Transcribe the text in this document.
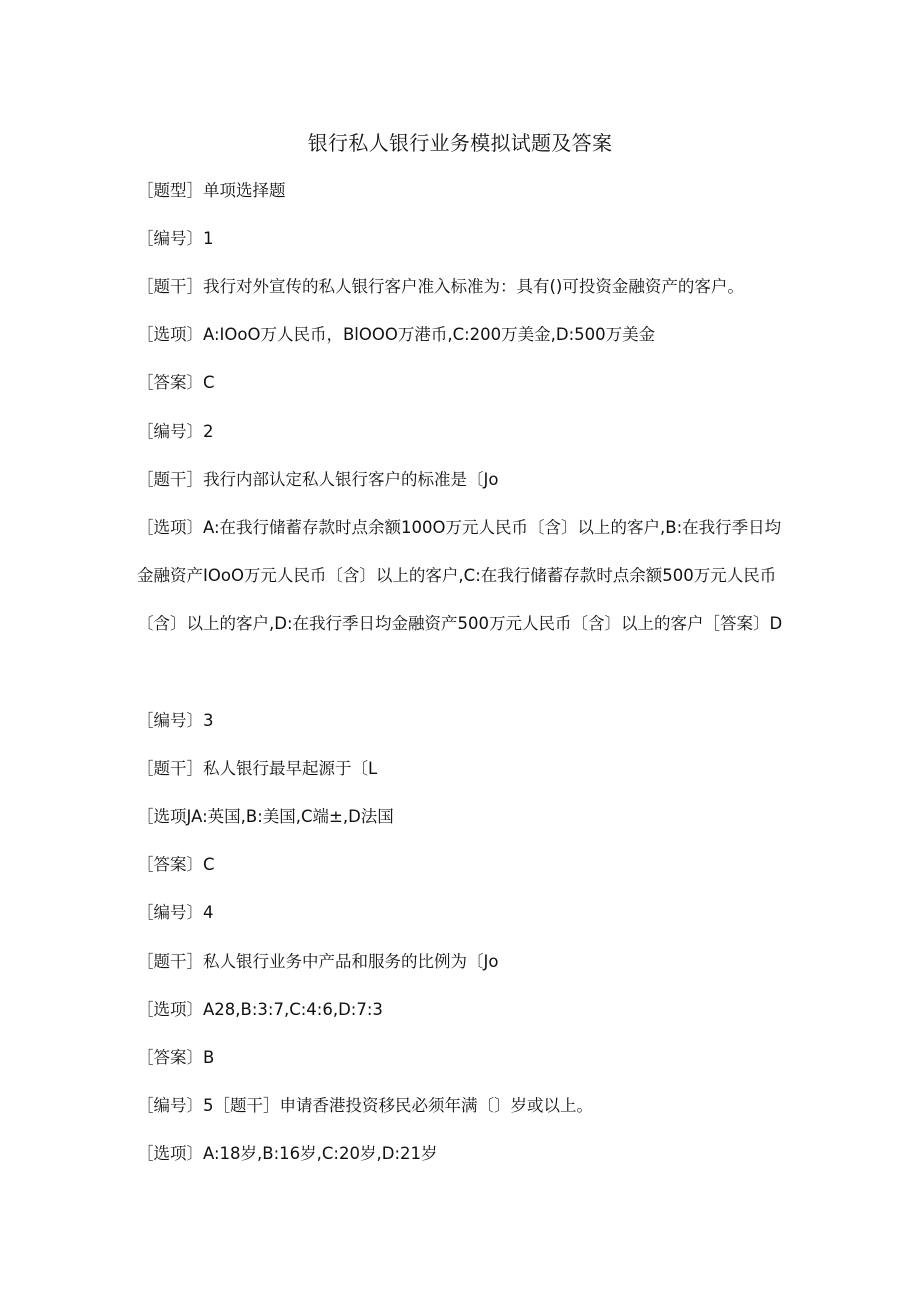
银行私人银行业务模拟试题及答案
［题型］单项选择题
［编号〕1
［题干］我行对外宣传的私人银行客户准入标准为：具有()可投资金融资产的客户。
［选项〕A:IOoO万人民币，BlOOO万港币,C:200万美金,D:500万美金
［答案〕C
［编号〕2
［题干］我行内部认定私人银行客户的标准是〔Jo
［选项〕A:在我行储蓄存款时点余额100O万元人民币〔含〕以上的客户,B:在我行季日均金融资产IOoO万元人民币〔含〕以上的客户,C:在我行储蓄存款时点余额500万元人民币〔含〕以上的客户,D:在我行季日均金融资产500万元人民币〔含〕以上的客户［答案〕D
［编号〕3
［题干］私人银行最早起源于〔L
［选项JA:英国,B:美国,C端±,D法国
［答案〕C
［编号〕4
［题干］私人银行业务中产品和服务的比例为〔Jo
［选项〕A28,B:3:7,C:4:6,D:7:3
［答案〕B
［编号〕5［题干］申请香港投资移民必须年满〔〕岁或以上。
［选项〕A:18岁,B:16岁,C:20岁,D:21岁
